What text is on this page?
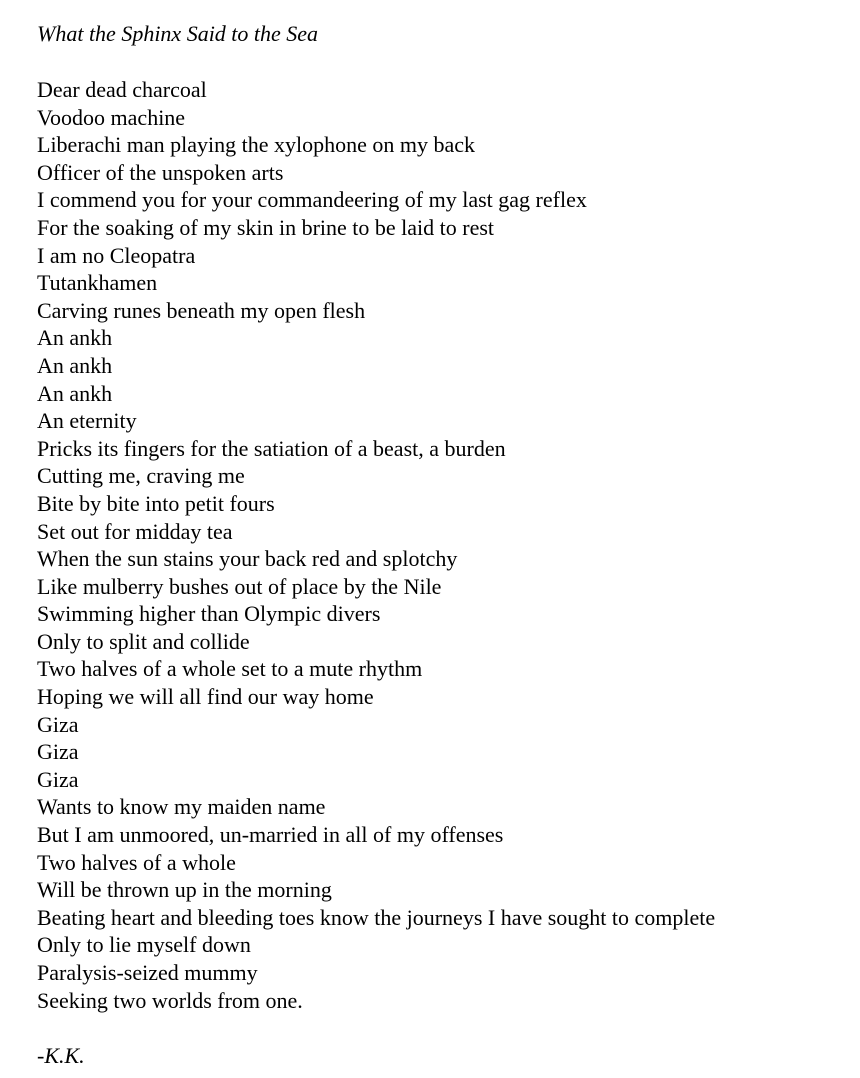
What the Sphinx Said to the Sea

Dear dead charcoal
Voodoo machine
Liberachi man playing the xylophone on my back
Officer of the unspoken arts
I commend you for your commandeering of my last gag reflex
For the soaking of my skin in brine to be laid to rest
I am no Cleopatra
Tutankhamen
Carving runes beneath my open flesh
An ankh
An ankh
An ankh
An eternity
Pricks its fingers for the satiation of a beast, a burden
Cutting me, craving me
Bite by bite into petit fours
Set out for midday tea
When the sun stains your back red and splotchy
Like mulberry bushes out of place by the Nile
Swimming higher than Olympic divers
Only to split and collide
Two halves of a whole set to a mute rhythm
Hoping we will all find our way home
Giza
Giza
Giza
Wants to know my maiden name
But I am unmoored, un-married in all of my offenses
Two halves of a whole
Will be thrown up in the morning
Beating heart and bleeding toes know the journeys I have sought to complete
Only to lie myself down
Paralysis-seized mummy
Seeking two worlds from one.
-K.K.
